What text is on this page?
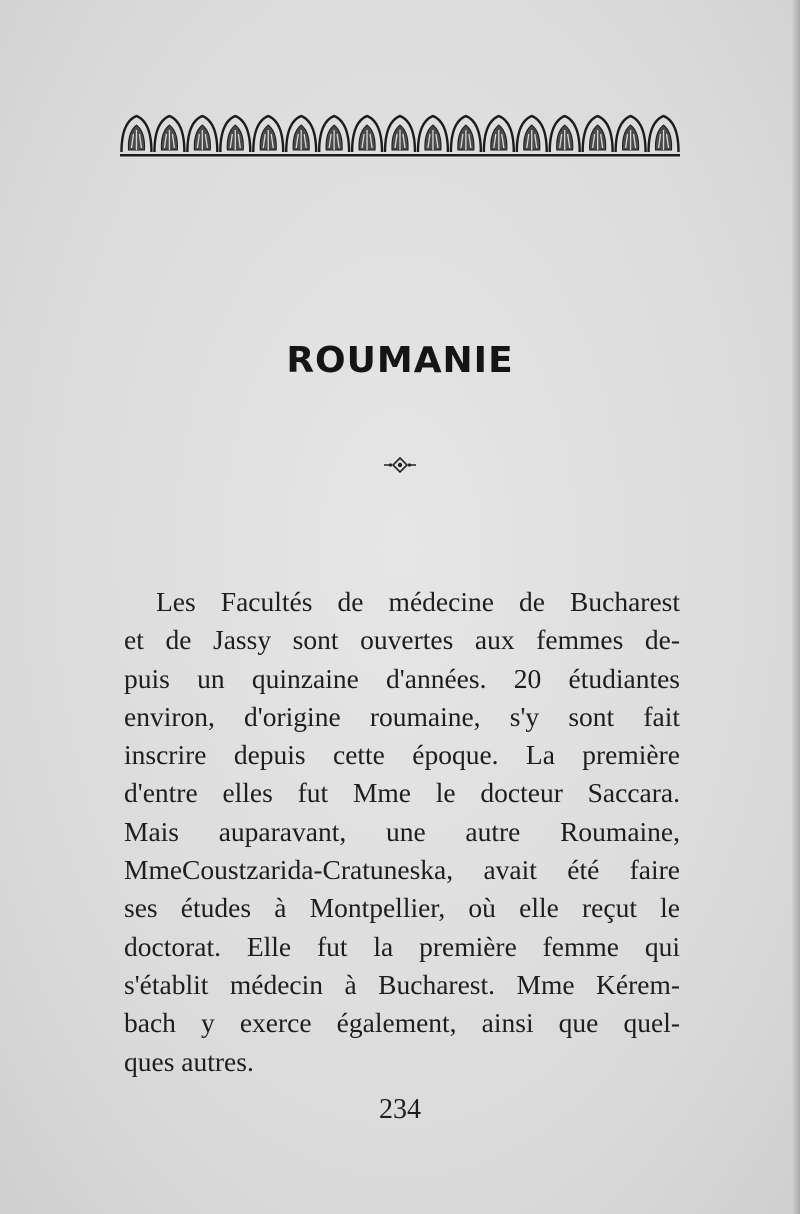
ROUMANIE

Les Facultés de médecine de Bucharest
et de Jassy sont ouvertes aux femmes de-
puis un quinzaine d'années. 20 étudiantes
environ, d'origine roumaine, s'y sont fait
inscrire depuis cette époque. La première
d'entre elles fut Mme le docteur Saccara.
Mais auparavant, une autre Roumaine,
MmeCoustzarida-Cratuneska, avait été faire
ses études à Montpellier, où elle reçut le
doctorat. Elle fut la première femme qui
s'établit médecin à Bucharest. Mme Kérem-
bach y exerce également, ainsi que quel-
ques autres.

234
